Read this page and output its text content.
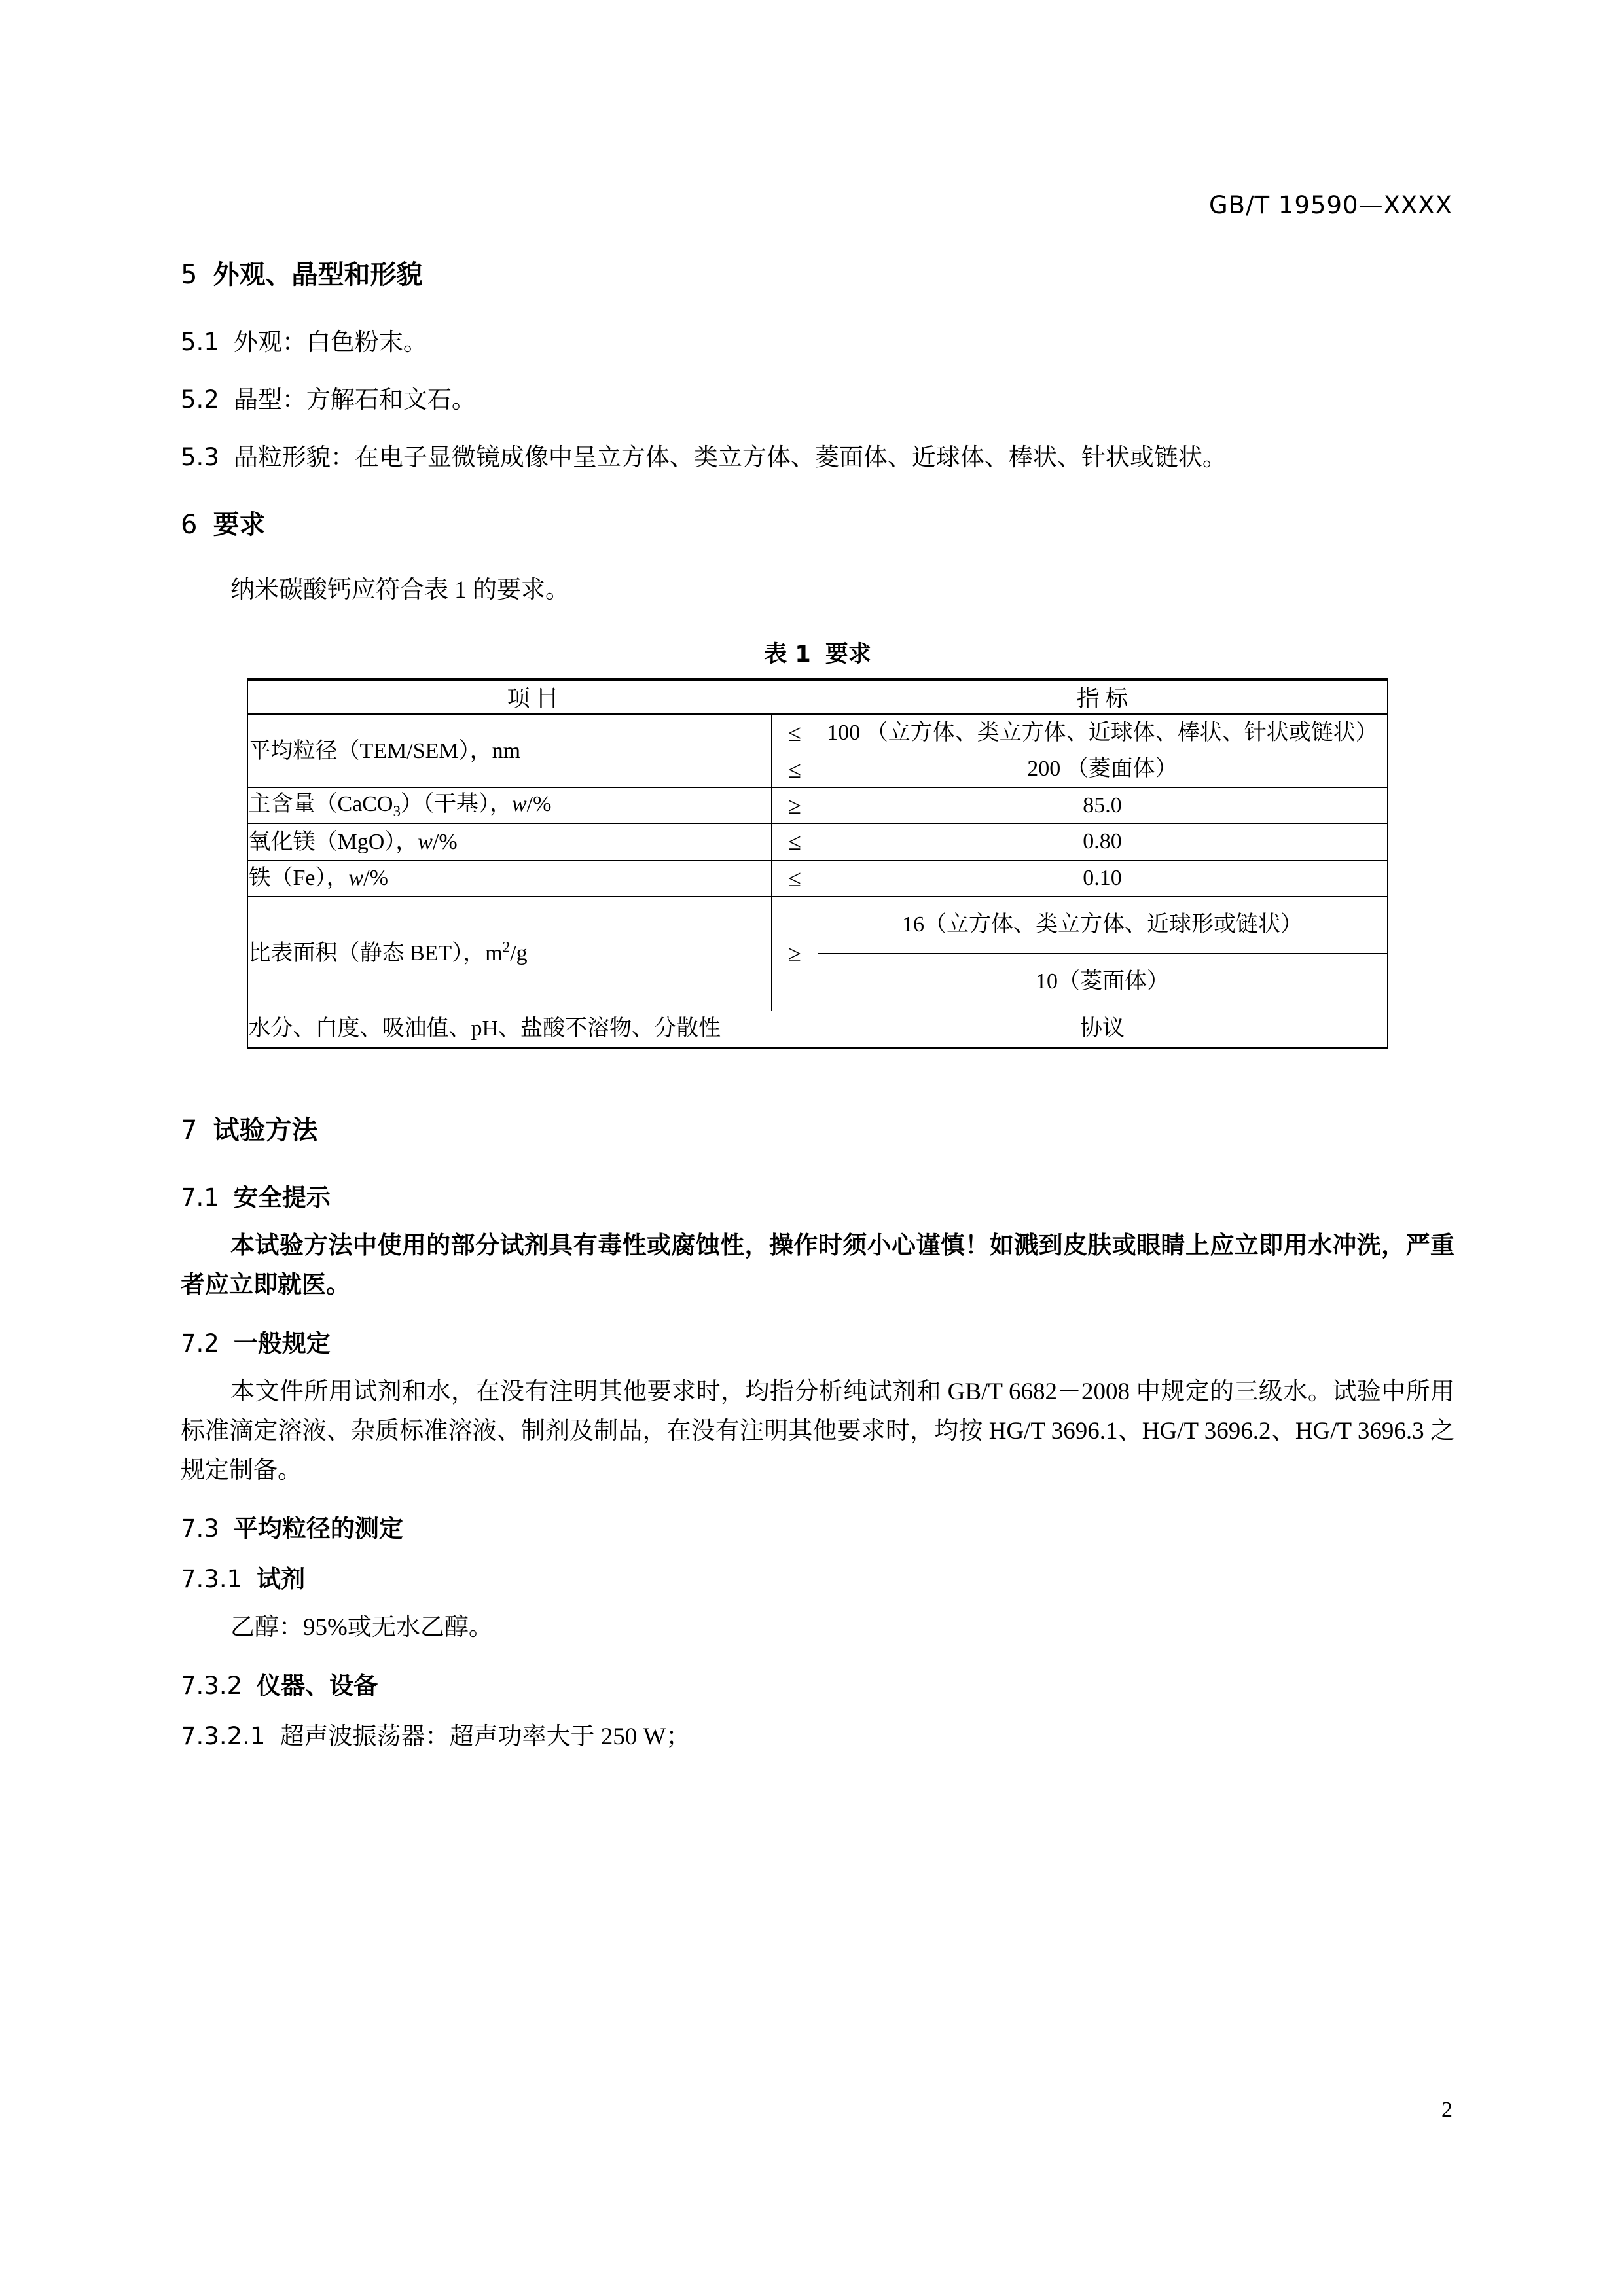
GB/T 19590—XXXX

5 外观、晶型和形貌

5.1 外观：白色粉末。

5.2 晶型：方解石和文石。

5.3 晶粒形貌：在电子显微镜成像中呈立方体、类立方体、菱面体、近球体、棒状、针状或链状。

6 要求

纳米碳酸钙应符合表 1 的要求。

表 1 要求

项 目		指 标
平均粒径（TEM/SEM），nm	≤	100 （立方体、类立方体、近球体、棒状、针状或链状）
	≤	200 （菱面体）
主含量（CaCO$_3$）（干基），w/%	≥	85.0
氧化镁（MgO），w/%	≤	0.80
铁（Fe），w/%	≤	0.10
比表面积（静态 BET），$m^2/g$	≥	16（立方体、类立方体、近球形或链状）
		10（菱面体）
水分、白度、吸油值、pH、盐酸不溶物、分散性		协议

7 试验方法

7.1 安全提示

本试验方法中使用的部分试剂具有毒性或腐蚀性，操作时须小心谨慎！如溅到皮肤或眼睛上应立即用水冲洗，严重者应立即就医。

7.2 一般规定

本文件所用试剂和水，在没有注明其他要求时，均指分析纯试剂和 GB/T 6682－2008 中规定的三级水。试验中所用标准滴定溶液、杂质标准溶液、制剂及制品，在没有注明其他要求时，均按 HG/T 3696.1、HG/T 3696.2、HG/T 3696.3 之规定制备。

7.3 平均粒径的测定

7.3.1 试剂

乙醇：95%或无水乙醇。

7.3.2 仪器、设备

7.3.2.1 超声波振荡器：超声功率大于 250 W；

2
